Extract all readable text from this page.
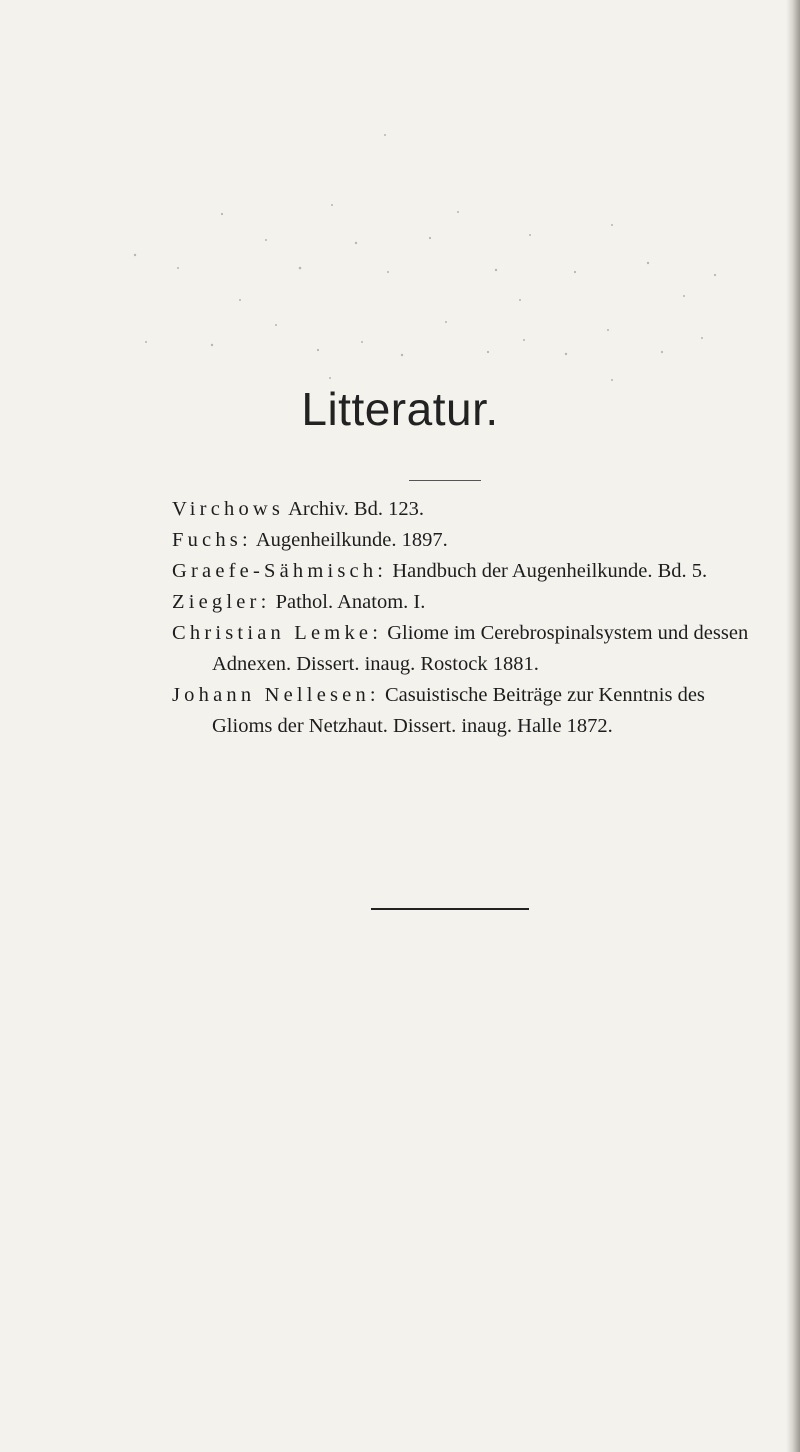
Litteratur.
Virchows Archiv. Bd. 123.
Fuchs: Augenheilkunde. 1897.
Graefe-Sähmisch: Handbuch der Augenheilkunde. Bd. 5.
Ziegler: Pathol. Anatom. I.
Christian Lemke: Gliome im Cerebrospinalsystem und dessen Adnexen. Dissert. inaug. Rostock 1881.
Johann Nellesen: Casuistische Beiträge zur Kenntnis des Glioms der Netzhaut. Dissert. inaug. Halle 1872.
